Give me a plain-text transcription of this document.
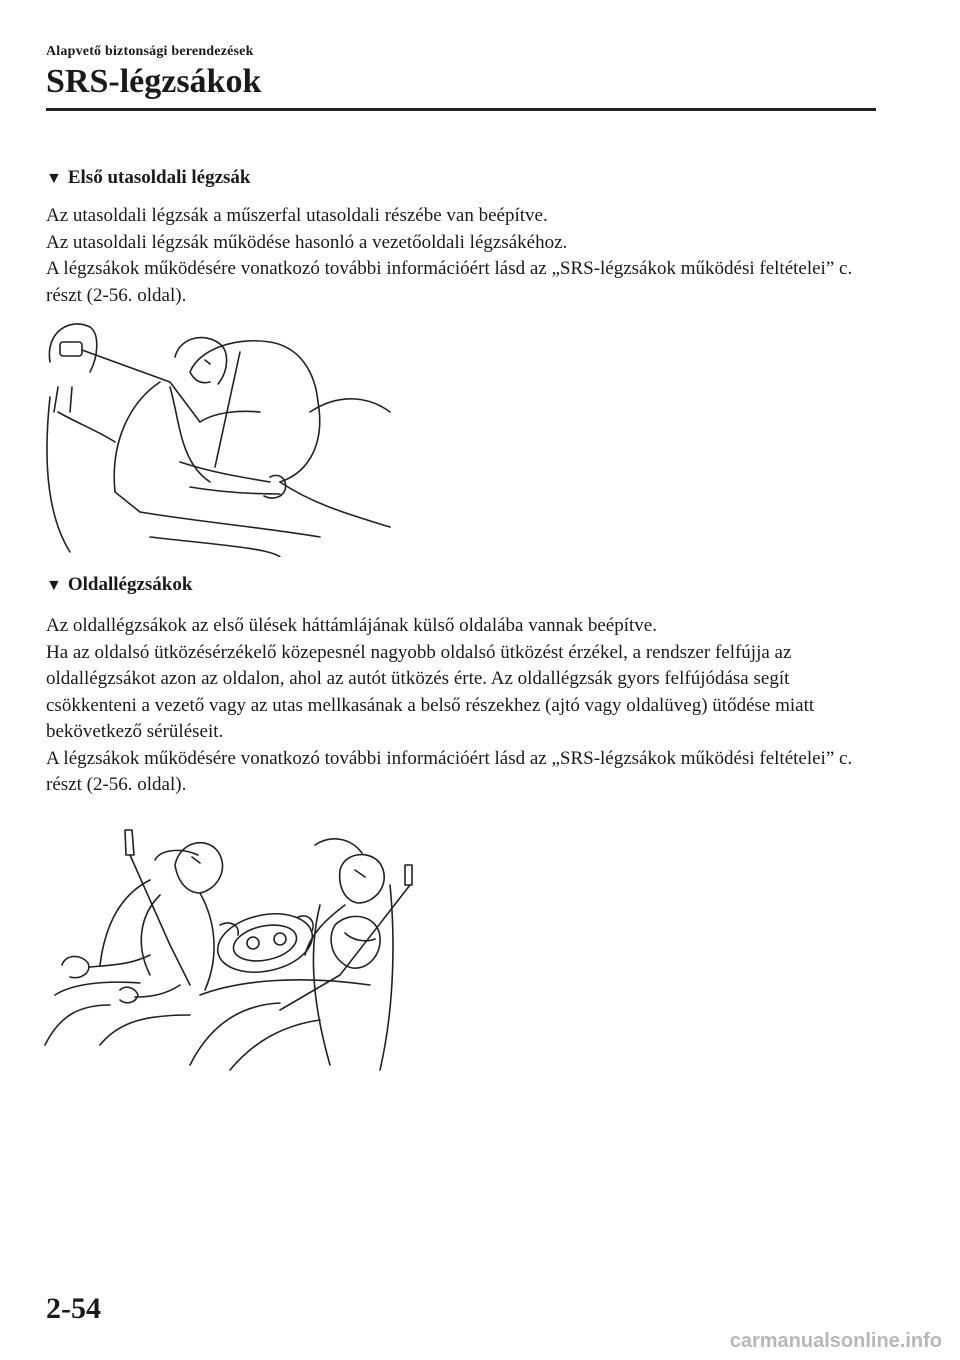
Alapvető biztonsági berendezések
SRS-légzsákok
▼ Első utasoldali légzsák

Az utasoldali légzsák a műszerfal utasoldali részébe van beépítve.

Az utasoldali légzsák működése hasonló a vezetőoldali légzsákéhoz.

A légzsákok működésére vonatkozó további információért lásd az „SRS-légzsákok működési feltételei” c. részt (2-56. oldal).

▼ Oldallégzsákok

Az oldallégzsákok az első ülések háttámlájának külső oldalába vannak beépítve.

Ha az oldalsó ütközésérzékelő közepesnél nagyobb oldalsó ütközést érzékel, a rendszer felfújja az oldallégzsákot azon az oldalon, ahol az autót ütközés érte. Az oldallégzsák gyors felfújódása segít csökkenteni a vezető vagy az utas mellkasának a belső részekhez (ajtó vagy oldalüveg) ütődése miatt bekövetkező sérüléseit.

A légzsákok működésére vonatkozó további információért lásd az „SRS-légzsákok működési feltételei” c. részt (2-56. oldal).

2-54
carmanualsonline.info
